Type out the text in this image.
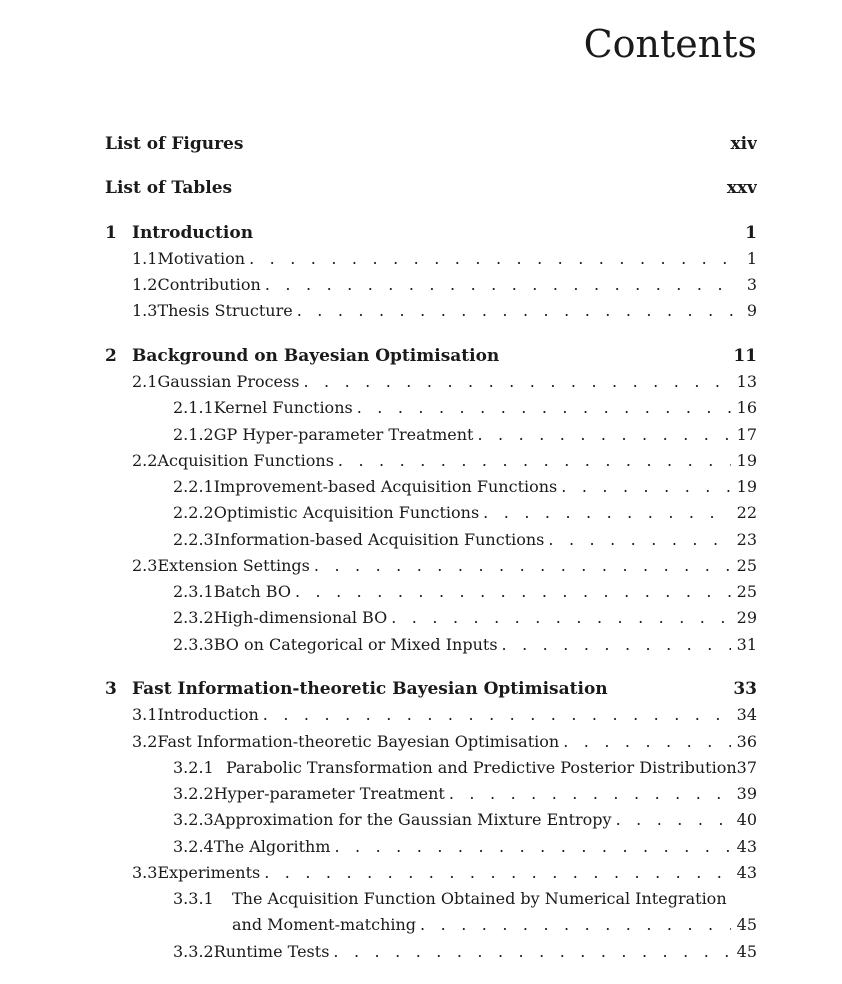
Contents
List of Figures	xiv
List of Tables	xxv
1 Introduction	1
1.1 Motivation . . .	1
1.2 Contribution . . .	3
1.3 Thesis Structure . . .	9
2 Background on Bayesian Optimisation	11
2.1 Gaussian Process . . .	13
2.1.1 Kernel Functions . . .	16
2.1.2 GP Hyper-parameter Treatment . . .	17
2.2 Acquisition Functions . . .	19
2.2.1 Improvement-based Acquisition Functions . . .	19
2.2.2 Optimistic Acquisition Functions . . .	22
2.2.3 Information-based Acquisition Functions . . .	23
2.3 Extension Settings . . .	25
2.3.1 Batch BO . . .	25
2.3.2 High-dimensional BO . . .	29
2.3.3 BO on Categorical or Mixed Inputs . . .	31
3 Fast Information-theoretic Bayesian Optimisation	33
3.1 Introduction . . .	34
3.2 Fast Information-theoretic Bayesian Optimisation . . .	36
3.2.1 Parabolic Transformation and Predictive Posterior Distribution 37
3.2.2 Hyper-parameter Treatment . . .	39
3.2.3 Approximation for the Gaussian Mixture Entropy . . .	40
3.2.4 The Algorithm . . .	43
3.3 Experiments . . .	43
3.3.1	The Acquisition Function Obtained by Numerical Integration
and Moment-matching . . .	45
3.3.2 Runtime Tests . . .	45
